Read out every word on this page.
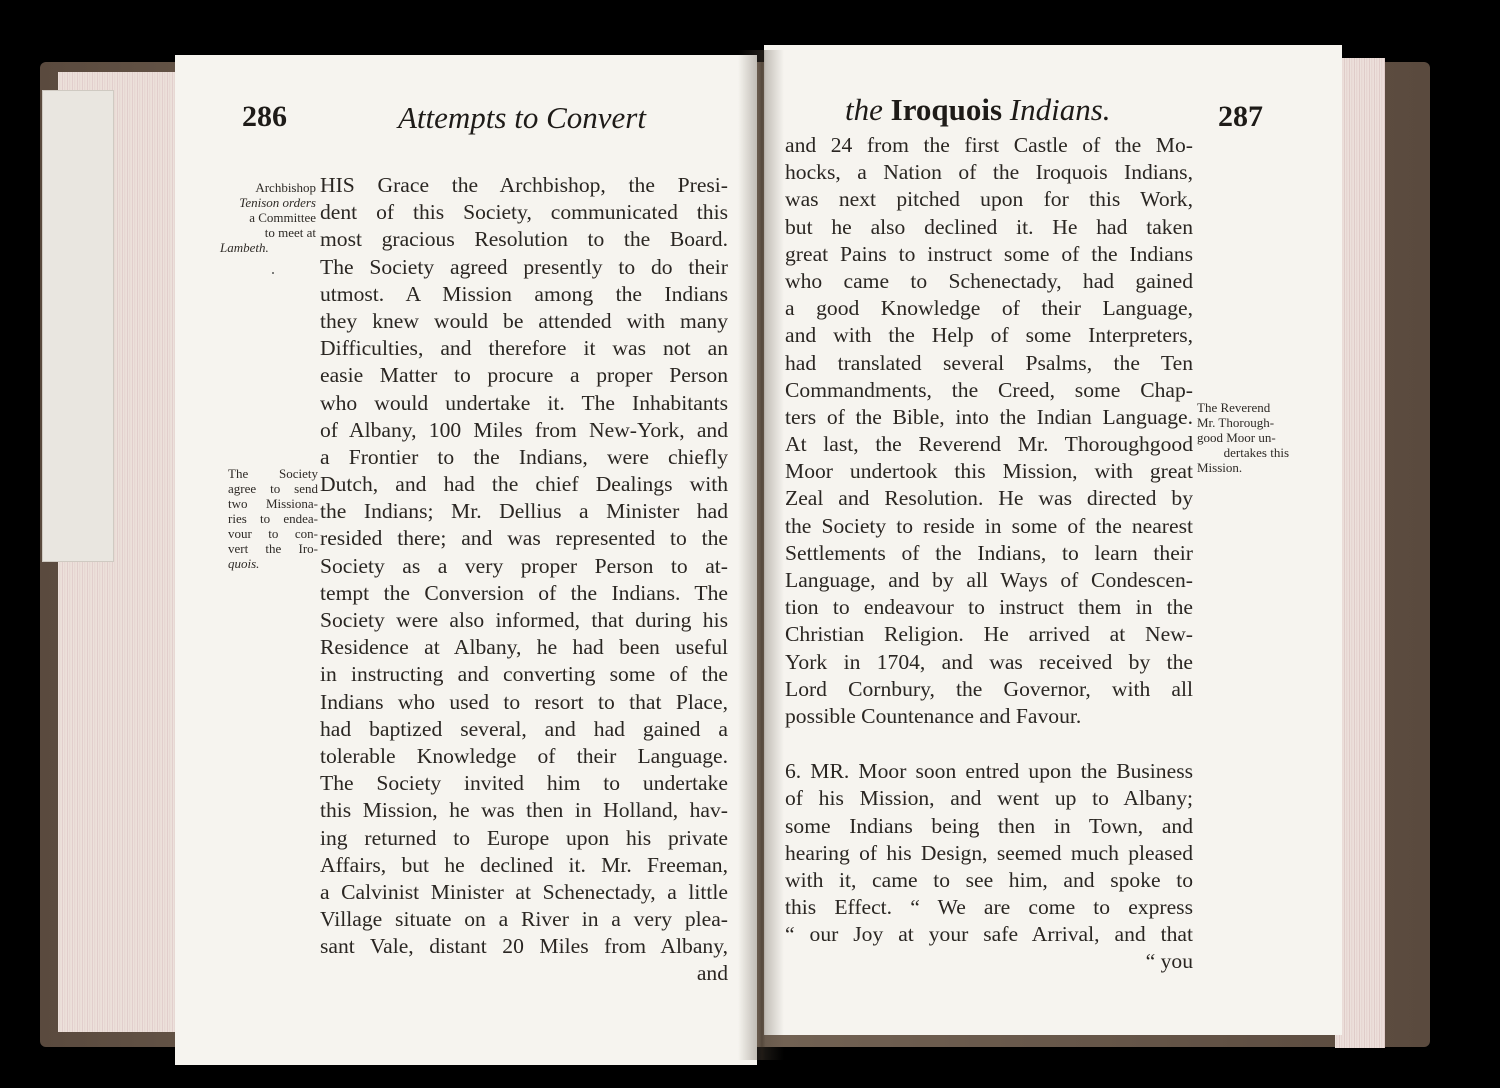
286	Attempts to Convert
Archbishop
Tenison orders
a Committee
to meet at
Lambeth.
The Society
agree to send
two Missiona-
ries to endea-
vour to con-
vert the Iro-
quois.
HIS Grace the Archbishop, the Presi-
dent of this Society, communicated this
most gracious Resolution to the Board.
The Society agreed presently to do their
utmost. A Mission among the Indians
they knew would be attended with many
Difficulties, and therefore it was not an
easie Matter to procure a proper Person
who would undertake it. The Inhabitants
of Albany, 100 Miles from New-York, and
a Frontier to the Indians, were chiefly
Dutch, and had the chief Dealings with
the Indians; Mr. Dellius a Minister had
resided there; and was represented to the
Society as a very proper Person to at-
tempt the Conversion of the Indians. The
Society were also informed, that during his
Residence at Albany, he had been useful
in instructing and converting some of the
Indians who used to resort to that Place,
had baptized several, and had gained a
tolerable Knowledge of their Language.
The Society invited him to undertake
this Mission, he was then in Holland, hav-
ing returned to Europe upon his private
Affairs, but he declined it. Mr. Freeman,
a Calvinist Minister at Schenectady, a little
Village situate on a River in a very plea-
sant Vale, distant 20 Miles from Albany,
and
287
the Iroquois Indians.
and 24 from the first Castle of the Mo-
hocks, a Nation of the Iroquois Indians,
was next pitched upon for this Work,
but he also declined it. He had taken
great Pains to instruct some of the Indians
who came to Schenectady, had gained
a good Knowledge of their Language,
and with the Help of some Interpreters,
had translated several Psalms, the Ten
Commandments, the Creed, some Chap-
ters of the Bible, into the Indian Language.
At last, the Reverend Mr. Thoroughgood
Moor undertook this Mission, with great
Zeal and Resolution. He was directed by
the Society to reside in some of the nearest
Settlements of the Indians, to learn their
Language, and by all Ways of Condescen-
tion to endeavour to instruct them in the
Christian Religion. He arrived at New-
York in 1704, and was received by the
Lord Cornbury, the Governor, with all
possible Countenance and Favour.
6. MR. Moor soon entred upon the Business
of his Mission, and went up to Albany;
some Indians being then in Town, and
hearing of his Design, seemed much pleased
with it, came to see him, and spoke to
this Effect. “ We are come to express
“ our Joy at your safe Arrival, and that
“ you
The Reverend
Mr. Thorough-
good Moor un-
dertakes this
Mission.
